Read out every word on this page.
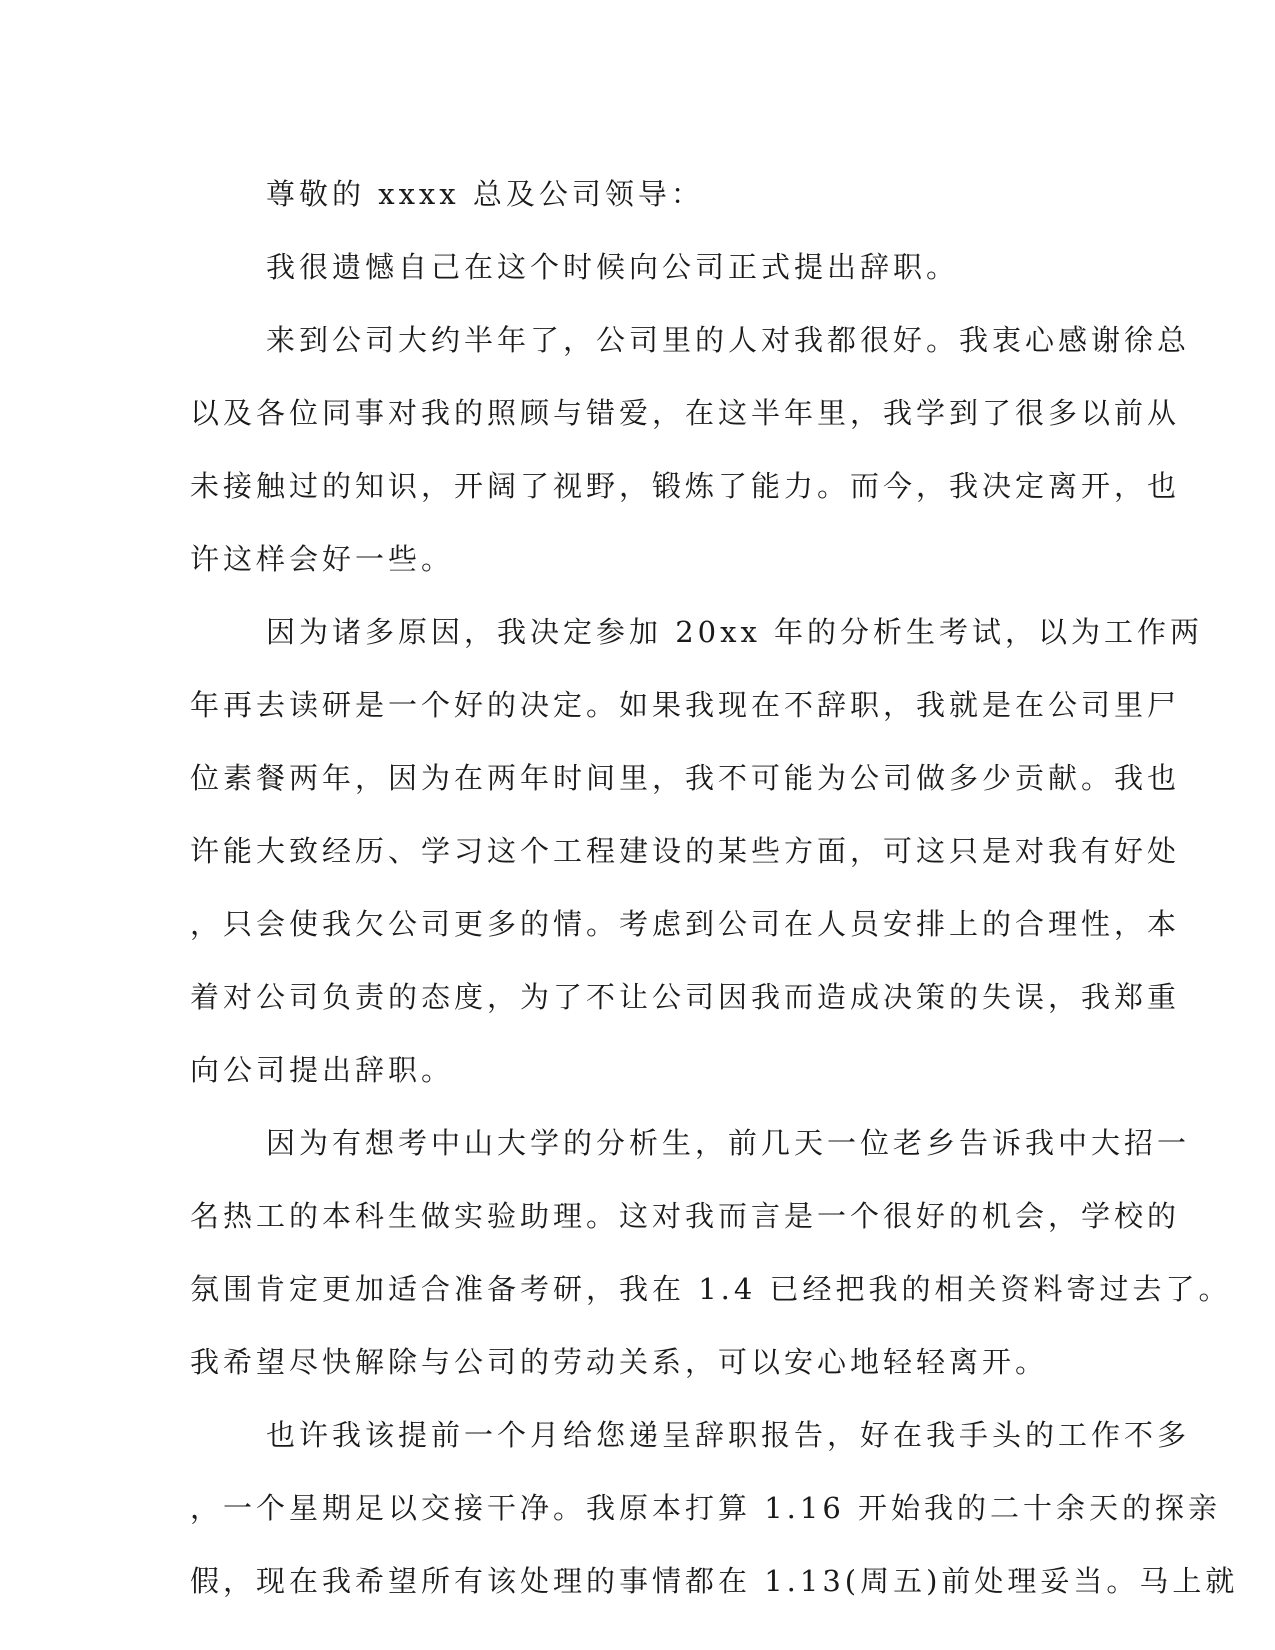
尊敬的 xxxx 总及公司领导：
我很遗憾自己在这个时候向公司正式提出辞职。
来到公司大约半年了，公司里的人对我都很好。我衷心感谢徐总
以及各位同事对我的照顾与错爱，在这半年里，我学到了很多以前从
未接触过的知识，开阔了视野，锻炼了能力。而今，我决定离开，也
许这样会好一些。
因为诸多原因，我决定参加 20xx 年的分析生考试，以为工作两
年再去读研是一个好的决定。如果我现在不辞职，我就是在公司里尸
位素餐两年，因为在两年时间里，我不可能为公司做多少贡献。我也
许能大致经历、学习这个工程建设的某些方面，可这只是对我有好处
，只会使我欠公司更多的情。考虑到公司在人员安排上的合理性，本
着对公司负责的态度，为了不让公司因我而造成决策的失误，我郑重
向公司提出辞职。
因为有想考中山大学的分析生，前几天一位老乡告诉我中大招一
名热工的本科生做实验助理。这对我而言是一个很好的机会，学校的
氛围肯定更加适合准备考研，我在 1.4 已经把我的相关资料寄过去了。
我希望尽快解除与公司的劳动关系，可以安心地轻轻离开。
也许我该提前一个月给您递呈辞职报告，好在我手头的工作不多
，一个星期足以交接干净。我原本打算 1.16 开始我的二十余天的探亲
假，现在我希望所有该处理的事情都在 1.13(周五)前处理妥当。马上就
